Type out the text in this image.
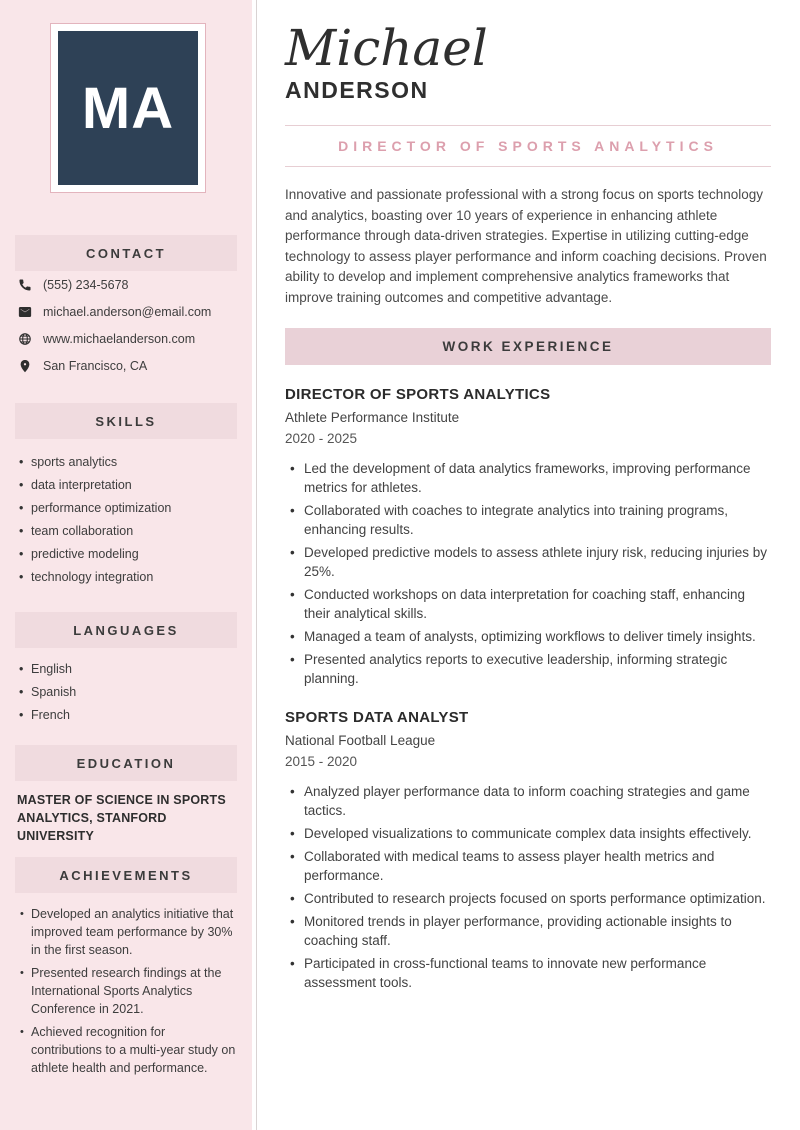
MA
CONTACT
(555) 234-5678
michael.anderson@email.com
www.michaelanderson.com
San Francisco, CA
SKILLS
• sports analytics
• data interpretation
• performance optimization
• team collaboration
• predictive modeling
• technology integration
LANGUAGES
• English
• Spanish
• French
EDUCATION
MASTER OF SCIENCE IN SPORTS ANALYTICS, STANFORD UNIVERSITY
ACHIEVEMENTS
• Developed an analytics initiative that improved team performance by 30% in the first season.
• Presented research findings at the International Sports Analytics Conference in 2021.
• Achieved recognition for contributions to a multi-year study on athlete health and performance.
Michael
ANDERSON
DIRECTOR OF SPORTS ANALYTICS
Innovative and passionate professional with a strong focus on sports technology and analytics, boasting over 10 years of experience in enhancing athlete performance through data-driven strategies. Expertise in utilizing cutting-edge technology to assess player performance and inform coaching decisions. Proven ability to develop and implement comprehensive analytics frameworks that improve training outcomes and competitive advantage.
WORK EXPERIENCE
DIRECTOR OF SPORTS ANALYTICS
Athlete Performance Institute
2020 - 2025
• Led the development of data analytics frameworks, improving performance metrics for athletes.
• Collaborated with coaches to integrate analytics into training programs, enhancing results.
• Developed predictive models to assess athlete injury risk, reducing injuries by 25%.
• Conducted workshops on data interpretation for coaching staff, enhancing their analytical skills.
• Managed a team of analysts, optimizing workflows to deliver timely insights.
• Presented analytics reports to executive leadership, informing strategic planning.
SPORTS DATA ANALYST
National Football League
2015 - 2020
• Analyzed player performance data to inform coaching strategies and game tactics.
• Developed visualizations to communicate complex data insights effectively.
• Collaborated with medical teams to assess player health metrics and performance.
• Contributed to research projects focused on sports performance optimization.
• Monitored trends in player performance, providing actionable insights to coaching staff.
• Participated in cross-functional teams to innovate new performance assessment tools.
